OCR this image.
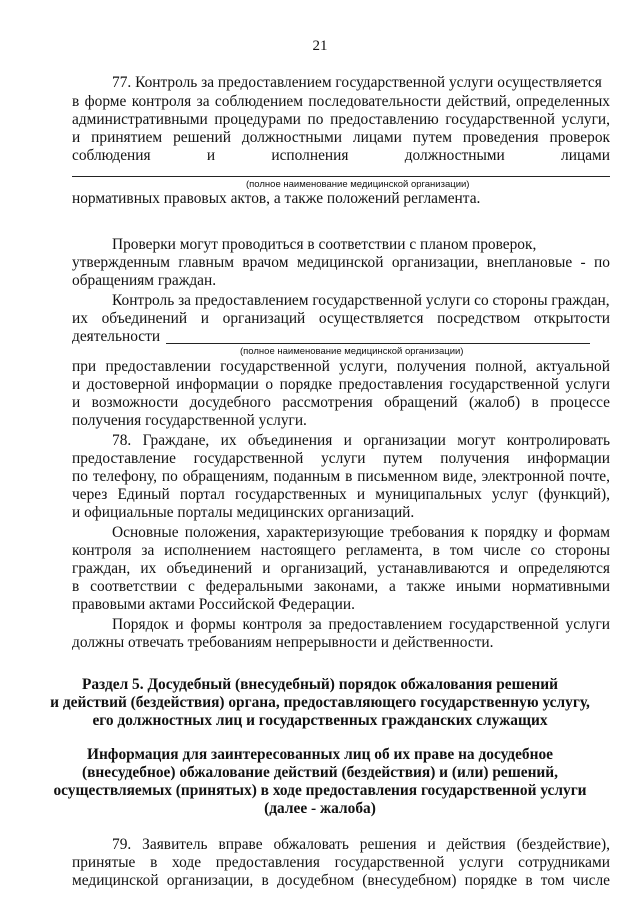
21

77. Контроль за предоставлением государственной услуги осуществляется

в форме контроля за соблюдением последовательности действий, определенных

административными процедурами по предоставлению государственной услуги,

и принятием решений должностными лицами путем проведения проверок

соблюдения и исполнения должностными лицами

(полное наименование медицинской организации)

нормативных правовых актов, а также положений регламента.

Проверки могут проводиться в соответствии с планом проверок,

утвержденным главным врачом медицинской организации, внеплановые - по

обращениям граждан.

Контроль за предоставлением государственной услуги со стороны граждан,

их объединений и организаций осуществляется посредством открытости

деятельности

(полное наименование медицинской организации)

при предоставлении государственной услуги, получения полной, актуальной

и достоверной информации о порядке предоставления государственной услуги

и возможности досудебного рассмотрения обращений (жалоб) в процессе

получения государственной услуги.

78. Граждане, их объединения и организации могут контролировать

предоставление государственной услуги путем получения информации

по телефону, по обращениям, поданным в письменном виде, электронной почте,

через Единый портал государственных и муниципальных услуг (функций),

и официальные порталы медицинских организаций.

Основные положения, характеризующие требования к порядку и формам

контроля за исполнением настоящего регламента, в том числе со стороны

граждан, их объединений и организаций, устанавливаются и определяются

в соответствии с федеральными законами, а также иными нормативными

правовыми актами Российской Федерации.

Порядок и формы контроля за предоставлением государственной услуги

должны отвечать требованиям непрерывности и действенности.

Раздел 5. Досудебный (внесудебный) порядок обжалования решений
и действий (бездействия) органа, предоставляющего государственную услугу,
его должностных лиц и государственных гражданских служащих
Информация для заинтересованных лиц об их праве на досудебное
(внесудебное) обжалование действий (бездействия) и (или) решений,
осуществляемых (принятых) в ходе предоставления государственной услуги
(далее - жалоба)

79. Заявитель вправе обжаловать решения и действия (бездействие),

принятые в ходе предоставления государственной услуги сотрудниками

медицинской организации, в досудебном (внесудебном) порядке в том числе
